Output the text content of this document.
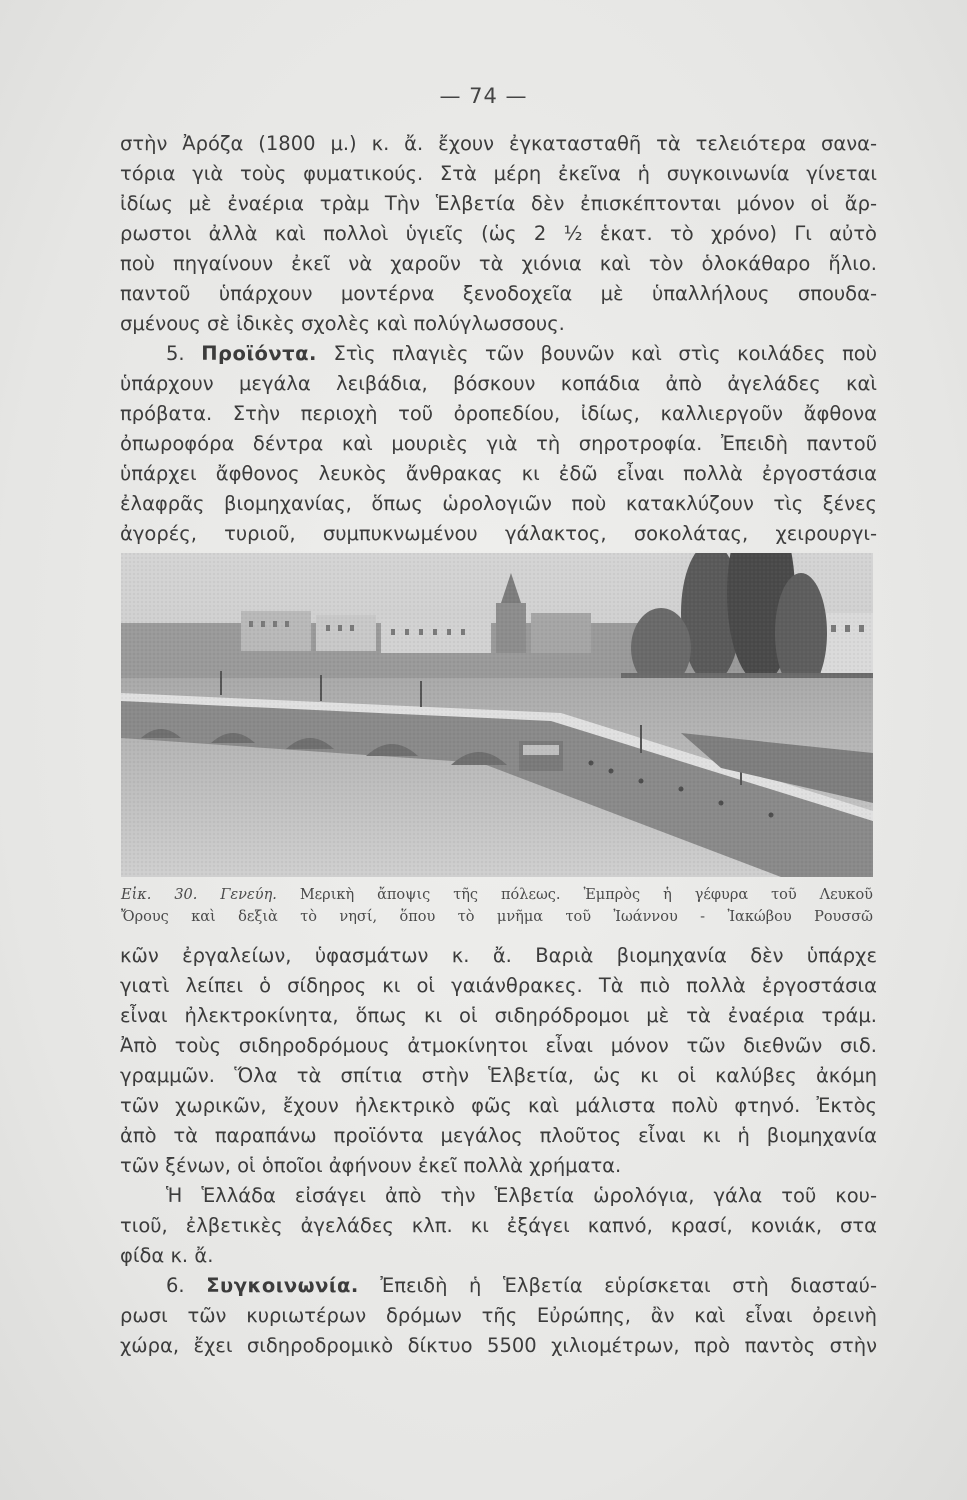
— 74 —
στὴν Ἀρόζα (1800 μ.) κ. ἄ. ἔχουν ἐγκατασταθῆ τὰ τελειότερα σανα-
τόρια γιὰ τοὺς φυματικούς. Στὰ μέρη ἐκεῖνα ἡ συγκοινωνία γίνεται
ἰδίως μὲ ἐναέρια τρὰμ Τὴν Ἑλβετία δὲν ἐπισκέπτονται μόνον οἱ ἄρ-
ρωστοι ἀλλὰ καὶ πολλοὶ ὑγιεῖς (ὡς 2 ½ ἑκατ. τὸ χρόνο) Γι αὐτὸ
ποὺ πηγαίνουν ἐκεῖ νὰ χαροῦν τὰ χιόνια καὶ τὸν ὁλοκάθαρο ἥλιο.
παντοῦ ὑπάρχουν μοντέρνα ξενοδοχεῖα μὲ ὑπαλλήλους σπουδα-
σμένους σὲ ἰδικὲς σχολὲς καὶ πολύγλωσσους.
5. Προϊόντα. Στὶς πλαγιὲς τῶν βουνῶν καὶ στὶς κοιλάδες ποὺ
ὑπάρχουν μεγάλα λειβάδια, βόσκουν κοπάδια ἀπὸ ἀγελάδες καὶ
πρόβατα. Στὴν περιοχὴ τοῦ ὀροπεδίου, ἰδίως, καλλιεργοῦν ἄφθονα
ὀπωροφόρα δέντρα καὶ μουριὲς γιὰ τὴ σηροτροφία. Ἐπειδὴ παντοῦ
ὑπάρχει ἄφθονος λευκὸς ἄνθρακας κι ἐδῶ εἶναι πολλὰ ἐργοστάσια
ἐλαφρᾶς βιομηχανίας, ὅπως ὡρολογιῶν ποὺ κατακλύζουν τὶς ξένες
ἀγορές, τυριοῦ, συμπυκνωμένου γάλακτος, σοκολάτας, χειρουργι-
Εἰκ. 30. Γενεύη. Μερικὴ ἄποψις τῆς πόλεως. Ἐμπρὸς ἡ γέφυρα τοῦ Λευκοῦ
Ὄρους καὶ δεξιὰ τὸ νησί, ὅπου τὸ μνῆμα τοῦ Ἰωάννου - Ἰακώβου Ρουσσῶ
κῶν ἐργαλείων, ὑφασμάτων κ. ἄ. Βαριὰ βιομηχανία δὲν ὑπάρχε
γιατὶ λείπει ὁ σίδηρος κι οἱ γαιάνθρακες. Τὰ πιὸ πολλὰ ἐργοστάσια
εἶναι ἠλεκτροκίνητα, ὅπως κι οἱ σιδηρόδρομοι μὲ τὰ ἐναέρια τράμ.
Ἀπὸ τοὺς σιδηροδρόμους ἀτμοκίνητοι εἶναι μόνον τῶν διεθνῶν σιδ.
γραμμῶν. Ὅλα τὰ σπίτια στὴν Ἑλβετία, ὡς κι οἱ καλύβες ἀκόμη
τῶν χωρικῶν, ἔχουν ἠλεκτρικὸ φῶς καὶ μάλιστα πολὺ φτηνό. Ἐκτὸς
ἀπὸ τὰ παραπάνω προϊόντα μεγάλος πλοῦτος εἶναι κι ἡ βιομηχανία
τῶν ξένων, οἱ ὁποῖοι ἀφήνουν ἐκεῖ πολλὰ χρήματα.
Ἡ Ἑλλάδα εἰσάγει ἀπὸ τὴν Ἑλβετία ὡρολόγια, γάλα τοῦ κου-
τιοῦ, ἐλβετικὲς ἀγελάδες κλπ. κι ἐξάγει καπνό, κρασί, κονιάκ, στα
φίδα κ. ἄ.
6. Συγκοινωνία. Ἐπειδὴ ἡ Ἑλβετία εὑρίσκεται στὴ διασταύ-
ρωσι τῶν κυριωτέρων δρόμων τῆς Εὐρώπης, ἂν καὶ εἶναι ὀρεινὴ
χώρα, ἔχει σιδηροδρομικὸ δίκτυο 5500 χιλιομέτρων, πρὸ παντὸς στὴν
